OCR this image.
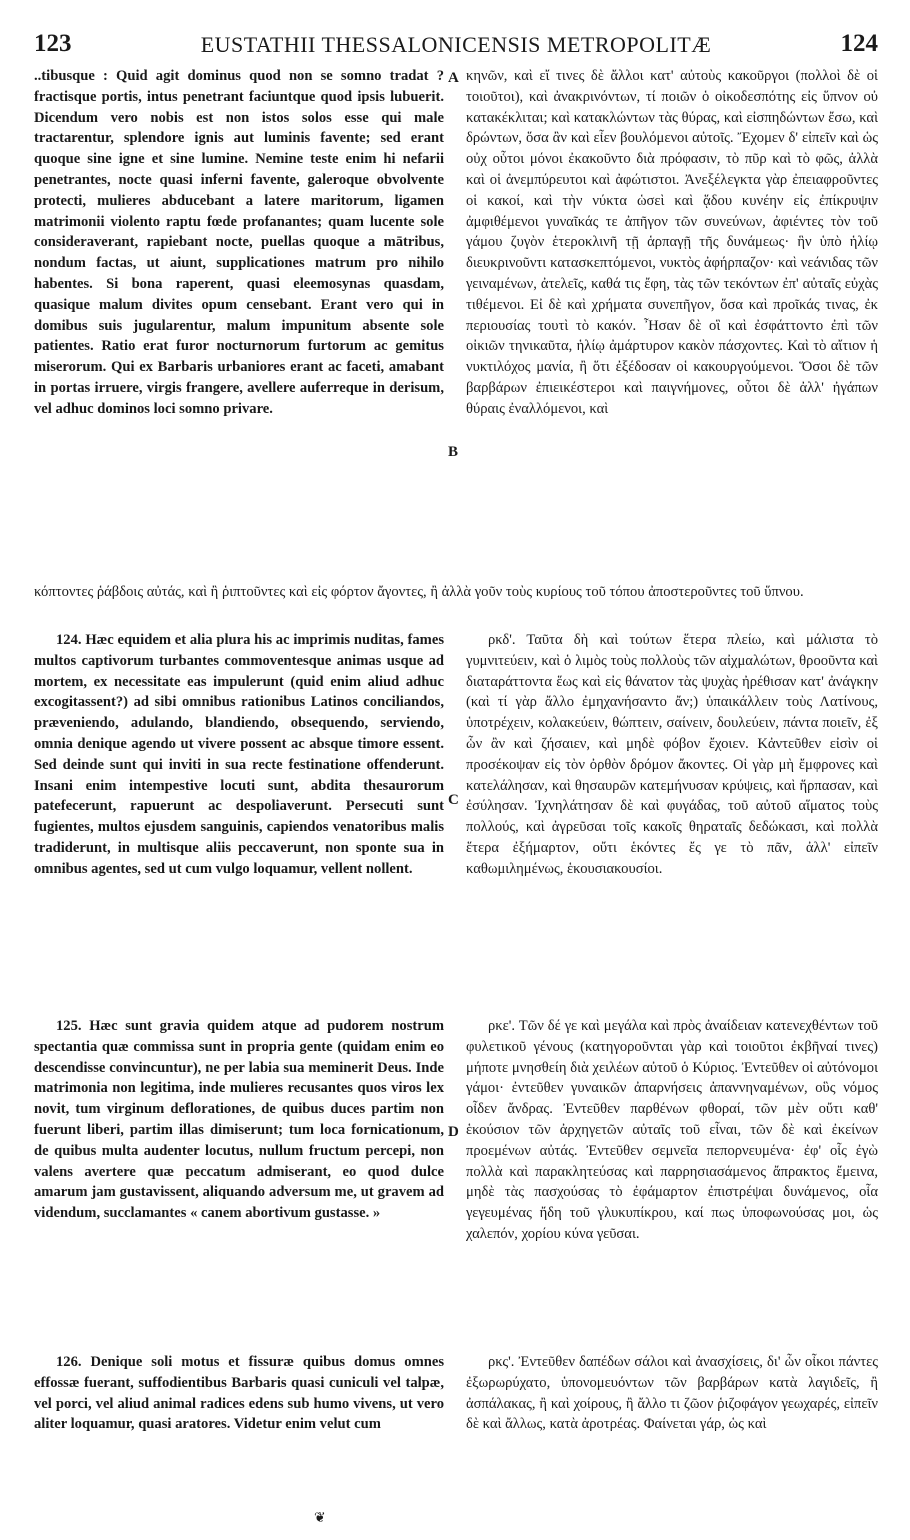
123	EUSTATHII THESSALONICENSIS METROPOLITÆ	124
A
B
C
D

..tibusque : Quid agit dominus quod non se somno tradat ? fractisque portis, intus penetrant faciuntque quod ipsis lubuerit. Dicendum vero nobis est non istos solos esse qui male tractarentur, splendore ignis aut luminis favente; sed erant quoque sine igne et sine lumine. Nemine teste enim hi nefarii penetrantes, nocte quasi inferni favente, galeroque obvolvente protecti, mulieres abducebant a latere maritorum, ligamen matrimonii violento raptu fœde profanantes; quam lucente sole consideraverant, rapiebant nocte, puellas quoque a mātribus, nondum factas, ut aiunt, supplicationes matrum pro nihilo habentes. Si bona raperent, quasi eleemosynas quasdam, quasique malum divites opum censebant. Erant vero qui in domibus suis jugularentur, malum impunitum absente sole patientes. Ratio erat furor nocturnorum furtorum ac gemitus miserorum. Qui ex Barbaris urbaniores erant ac faceti, amabant in portas irruere, virgis frangere, avellere auferreque in derisum, vel adhuc dominos loci somno privare.

κηνῶν, καὶ εἴ τινες δὲ ἄλλοι κατ' αὐτοὺς κακοῦργοι (πολλοὶ δὲ οἱ τοιοῦτοι), καὶ ἀνακρινόντων, τί ποιῶν ὁ οἰκοδεσπότης εἰς ὕπνον οὐ κατακέκλιται; καὶ κατακλώντων τὰς θύρας, καὶ εἰσπηδώντων ἔσω, καὶ δρώντων, ὅσα ἂν καὶ εἶεν βουλόμενοι αὐτοῖς. Ἔχομεν δ' εἰπεῖν καὶ ὡς οὐχ οὗτοι μόνοι ἐκακοῦντο διὰ πρόφασιν, τὸ πῦρ καὶ τὸ φῶς, ἀλλὰ καὶ οἱ ἀνεμπύρευτοι καὶ ἀφώτιστοι. Ἀνεξέλεγκτα γὰρ ἐπειαφροῦντες οἱ κακοί, καὶ τὴν νύκτα ὡσεὶ καὶ ᾅδου κυνέην εἰς ἐπίκρυψιν ἀμφιθέμενοι γυναῖκάς τε ἀπῆγον τῶν συνεύνων, ἀφιέντες τὸν τοῦ γάμου ζυγὸν ἑτεροκλινῆ τῇ ἁρπαγῇ τῆς δυνάμεως· ἣν ὑπὸ ἡλίῳ διευκρινοῦντι κατασκεπτόμενοι, νυκτὸς ἀφήρπαζον· καὶ νεάνιδας τῶν γειναμένων, ἀτελεῖς, καθά τις ἔφη, τὰς τῶν τεκόντων ἐπ' αὐταῖς εὐχὰς τιθέμενοι. Εἰ δὲ καὶ χρήματα συνεπῆγον, ὅσα καὶ προῖκάς τινας, ἐκ περιουσίας τουτὶ τὸ κακόν. Ἦσαν δὲ οἳ καὶ ἐσφάττοντο ἐπὶ τῶν οἰκιῶν τηνικαῦτα, ἡλίῳ ἀμάρτυρον κακὸν πάσχοντες. Καὶ τὸ αἴτιον ἡ νυκτιλόχος μανία, ἢ ὅτι ἐξέδοσαν οἱ κακουργούμενοι. Ὅσοι δὲ τῶν βαρβάρων ἐπιεικέστεροι καὶ παιγνήμονες, οὗτοι δὲ ἀλλ' ἠγάπων θύραις ἐναλλόμενοι, καὶ

κόπτοντες ῥάβδοις αὐτάς, καὶ ἢ ῥιπτοῦντες καὶ εἰς φόρτον ἄγοντες, ἢ ἀλλὰ γοῦν τοὺς κυρίους τοῦ τόπου ἀποστεροῦντες τοῦ ὕπνου.

124. Hæc equidem et alia plura his ac imprimis nuditas, fames multos captivorum turbantes commoventesque animas usque ad mortem, ex necessitate eas impulerunt (quid enim aliud adhuc excogitassent?) ad sibi omnibus rationibus Latinos conciliandos, præveniendo, adulando, blandiendo, obsequendo, serviendo, omnia denique agendo ut vivere possent ac absque timore essent. Sed deinde sunt qui inviti in sua recte festinatione offenderunt. Insani enim intempestive locuti sunt, abdita thesaurorum patefecerunt, rapuerunt ac despoliaverunt. Persecuti sunt fugientes, multos ejusdem sanguinis, capiendos venatoribus malis tradiderunt, in multisque aliis peccaverunt, non sponte sua in omnibus agentes, sed ut cum vulgo loquamur, vellent nollent.

ρκδ'. Ταῦτα δὴ καὶ τούτων ἕτερα πλείω, καὶ μάλιστα τὸ γυμνιτεύειν, καὶ ὁ λιμὸς τοὺς πολλοὺς τῶν αἰχμαλώτων, θροοῦντα καὶ διαταράττοντα ἕως καὶ εἰς θάνατον τὰς ψυχὰς ἠρέθισαν κατ' ἀνάγκην (καὶ τί γὰρ ἄλλο ἐμηχανήσαντο ἄν;) ὑπαικάλλειν τοὺς Λατίνους, ὑποτρέχειν, κολακεύειν, θώπτειν, σαίνειν, δουλεύειν, πάντα ποιεῖν, ἐξ ὧν ἂν καὶ ζήσαιεν, καὶ μηδὲ φόβον ἔχοιεν. Κἀντεῦθεν εἰσὶν οἱ προσέκοψαν εἰς τὸν ὀρθὸν δρόμον ἄκοντες. Οἱ γὰρ μὴ ἔμφρονες καὶ κατελάλησαν, καὶ θησαυρῶν κατεμήνυσαν κρύψεις, καὶ ἥρπασαν, καὶ ἐσύλησαν. Ἰχνηλάτησαν δὲ καὶ φυγάδας, τοῦ αὐτοῦ αἵματος τοὺς πολλούς, καὶ ἀγρεῦσαι τοῖς κακοῖς θηραταῖς δεδώκασι, καὶ πολλὰ ἕτερα ἐξήμαρτον, οὔτι ἑκόντες ἔς γε τὸ πᾶν, ἀλλ' εἰπεῖν καθωμιλημένως, ἑκουσιακουσίοι.

125. Hæc sunt gravia quidem atque ad pudorem nostrum spectantia quæ commissa sunt in propria gente (quidam enim eo descendisse convincuntur), ne per labia sua meminerit Deus. Inde matrimonia non legitima, inde mulieres recusantes quos viros lex novit, tum virginum deflorationes, de quibus duces partim non fuerunt liberi, partim illas dimiserunt; tum loca fornicationum, de quibus multa audenter locutus, nullum fructum percepi, non valens avertere quæ peccatum admiserant, eo quod dulce amarum jam gustavissent, aliquando adversum me, ut gravem ad videndum, succlamantes « canem abortivum gustasse. »

ρκε'. Τῶν δέ γε καὶ μεγάλα καὶ πρὸς ἀναίδειαν κατενεχθέντων τοῦ φυλετικοῦ γένους (κατηγοροῦνται γὰρ καὶ τοιοῦτοι ἐκβῆναί τινες) μήποτε μνησθείη διὰ χειλέων αὐτοῦ ὁ Κύριος. Ἐντεῦθεν οἱ αὐτόνομοι γάμοι· ἐντεῦθεν γυναικῶν ἀπαρνήσεις ἀπαννηναμένων, οὓς νόμος οἶδεν ἄνδρας. Ἐντεῦθεν παρθένων φθοραί, τῶν μὲν οὔτι καθ' ἑκούσιον τῶν ἀρχηγετῶν αὐταῖς τοῦ εἶναι, τῶν δὲ καὶ ἐκείνων προεμένων αὐτάς. Ἐντεῦθεν σεμνεῖα πεπορνευμένα· ἐφ' οἷς ἐγὼ πολλὰ καὶ παρακλητεύσας καὶ παρρησιασάμενος ἄπρακτος ἔμεινα, μηδὲ τὰς πασχούσας τὸ ἐφάμαρτον ἐπιστρέψαι δυνάμενος, οἷα γεγευμένας ἤδη τοῦ γλυκυπίκρου, καί πως ὑποφωνούσας μοι, ὡς χαλεπόν, χορίου κύνα γεῦσαι.

126. Denique soli motus et fissuræ quibus domus omnes effossæ fuerant, suffodientibus Barbaris quasi cuniculi vel talpæ, vel porci, vel aliud animal radices edens sub humo vivens, ut vero aliter loquamur, quasi aratores. Videtur enim velut cum

ρκς'. Ἐντεῦθεν δαπέδων σάλοι καὶ ἀνασχίσεις, δι' ὧν οἶκοι πάντες ἐξωρωρύχατο, ὑπονομευόντων τῶν βαρβάρων κατὰ λαγιδεῖς, ἢ ἀσπάλακας, ἢ καὶ χοίρους, ἢ ἄλλο τι ζῶον ῥιζοφάγον γεωχαρές, εἰπεῖν δὲ καὶ ἄλλως, κατὰ ἀροτρέας. Φαίνεται γάρ, ὡς καὶ

❦
